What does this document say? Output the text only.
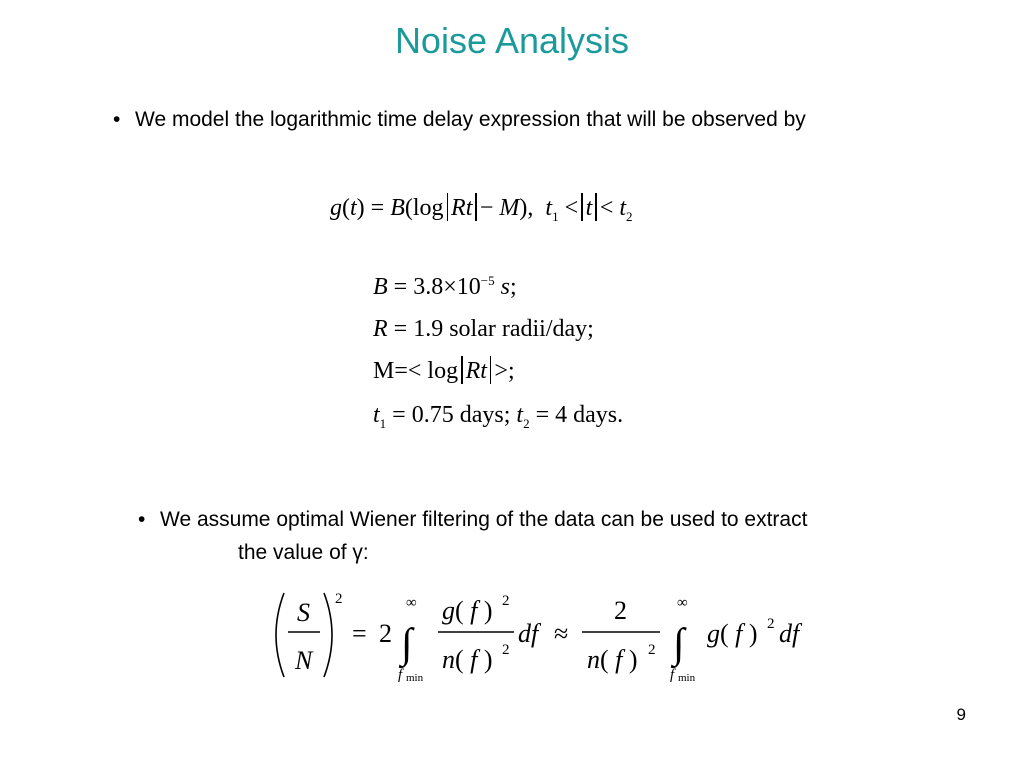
Noise Analysis
• We model the logarithmic time delay expression that will be observed by
g(t) = B(log Rt − M),  $t_1 < t < t_2$
$B = 3.8\times 10^{-5}$ s;
R = 1.9 solar radii/day;
M=< log Rt >;
$t_1 = 0.75$ days; $t_2 = 4$ days.
• We assume optimal Wiener filtering of the data can be used to extract
the value of γ:
S
N
2
= 2
∞
∫
f min
g( f ) 2
n( f ) 2
df ≈
2
n( f ) 2
∞
∫
f min
g( f ) 2 df
9
